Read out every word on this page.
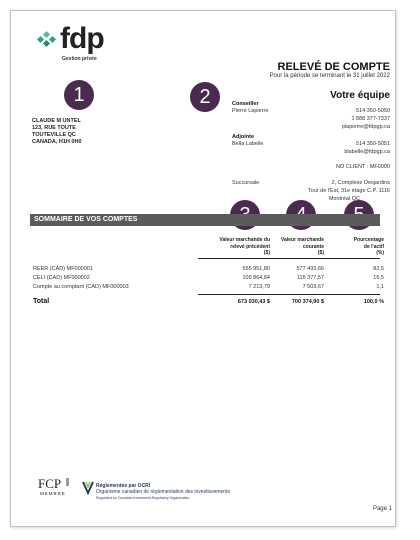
fdp
Gestion privée
1	2
CLAUDE M UNTEL
123, RUE TOUTE
TOUTEVILLE QC
CANADA, H1H 0H0
RELEVÉ DE COMPTE
Pour la période se terminant le 31 juillet 2022
Votre équipe
Conseiller
Pierre Lapierre	514 350-5050
1 888 377-7337
plapierre@fdpgp.ca
Adjointe
Bella Labelle	514 350-5051
blabelle@fdpgp.ca
NO CLIENT : MF0000
Succursale	2, Complexe Desjardins
Tour de l'Est, 31e étage C.P. 1116
Montréal QC
SOMMAIRE DE VOS COMPTES
Valeur marchande du
relevé précédent
($)
Valeur marchande
courante
($)
Pourcentage
de l'actif
(%)
REER (CAD) MF000001	555 951,80	577 493,66	82,5
CELI (CAD) MF000002	109 864,84	115 377,57	16,5
Compte au comptant (CAD) MF000003	7 213,79	7 503,67	1,1
Total	673 030,43 $	700 374,90 $	100,0 %
FCP
MEMBRE
Réglementée par OCRI
Organisme canadien de réglementation des investissements
Regulated by Canadian Investment Regulatory Organization
Page 1
